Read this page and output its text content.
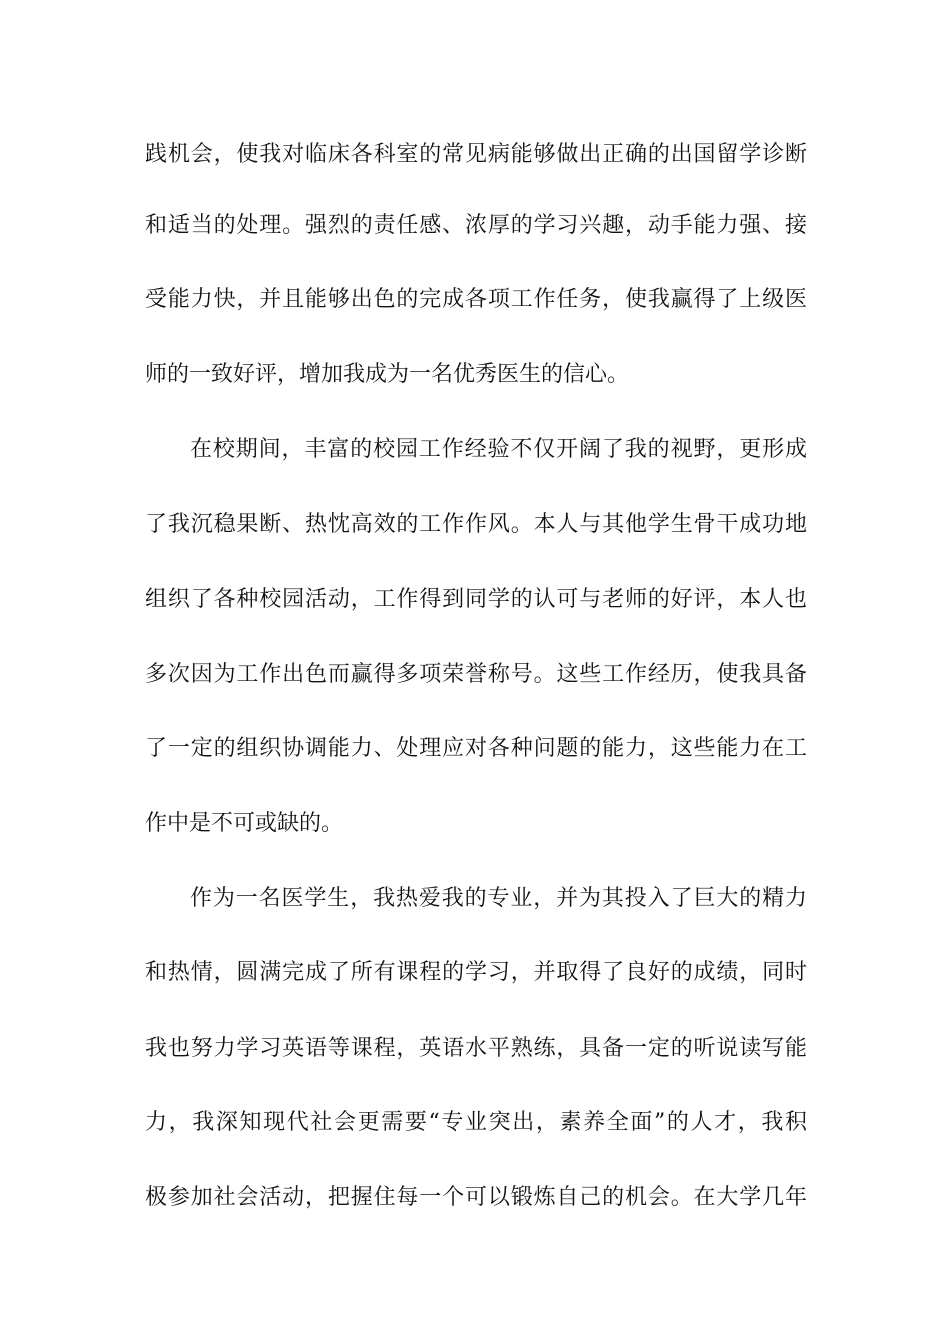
践机会，使我对临床各科室的常见病能够做出正确的出国留学诊断
和适当的处理。强烈的责任感、浓厚的学习兴趣，动手能力强、接
受能力快，并且能够出色的完成各项工作任务，使我赢得了上级医
师的一致好评，增加我成为一名优秀医生的信心。
在校期间，丰富的校园工作经验不仅开阔了我的视野，更形成
了我沉稳果断、热忱高效的工作作风。本人与其他学生骨干成功地
组织了各种校园活动，工作得到同学的认可与老师的好评，本人也
多次因为工作出色而赢得多项荣誉称号。这些工作经历，使我具备
了一定的组织协调能力、处理应对各种问题的能力，这些能力在工
作中是不可或缺的。
作为一名医学生，我热爱我的专业，并为其投入了巨大的精力
和热情，圆满完成了所有课程的学习，并取得了良好的成绩，同时
我也努力学习英语等课程，英语水平熟练，具备一定的听说读写能
力，我深知现代社会更需要“专业突出，素养全面”的人才，我积
极参加社会活动，把握住每一个可以锻炼自己的机会。在大学几年
